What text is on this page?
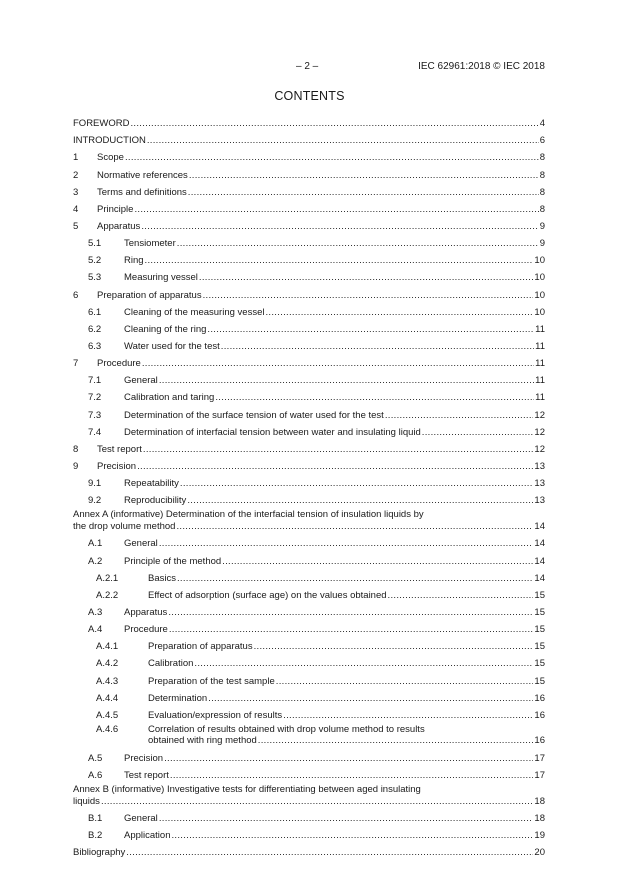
– 2 –	IEC 62961:2018 © IEC 2018
CONTENTS
FOREWORD .....	4
INTRODUCTION .....	6
1	Scope .....	8
2	Normative references .....	8
3	Terms and definitions .....	8
4	Principle .....	8
5	Apparatus .....	9
5.1	Tensiometer .....	9
5.2	Ring .....	10
5.3	Measuring vessel .....	10
6	Preparation of apparatus .....	10
6.1	Cleaning of the measuring vessel .....	10
6.2	Cleaning of the ring .....	11
6.3	Water used for the test .....	11
7	Procedure .....	11
7.1	General .....	11
7.2	Calibration and taring .....	11
7.3	Determination of the surface tension of water used for the test .....	12
7.4	Determination of interfacial tension between water and insulating liquid .....	12
8	Test report .....	12
9	Precision .....	13
9.1	Repeatability .....	13
9.2	Reproducibility .....	13
Annex A (informative) Determination of the interfacial tension of insulation liquids by
the drop volume method .....	14
A.1	General .....	14
A.2	Principle of the method .....	14
A.2.1	Basics .....	14
A.2.2	Effect of adsorption (surface age) on the values obtained .....	15
A.3	Apparatus .....	15
A.4	Procedure .....	15
A.4.1	Preparation of apparatus .....	15
A.4.2	Calibration .....	15
A.4.3	Preparation of the test sample .....	15
A.4.4	Determination .....	16
A.4.5	Evaluation/expression of results .....	16
A.4.6	Correlation of results obtained with drop volume method to results
obtained with ring method .....	16
A.5	Precision .....	17
A.6	Test report .....	17
Annex B (informative) Investigative tests for differentiating between aged insulating
liquids .....	18
B.1	General .....	18
B.2	Application .....	19
Bibliography .....	20
